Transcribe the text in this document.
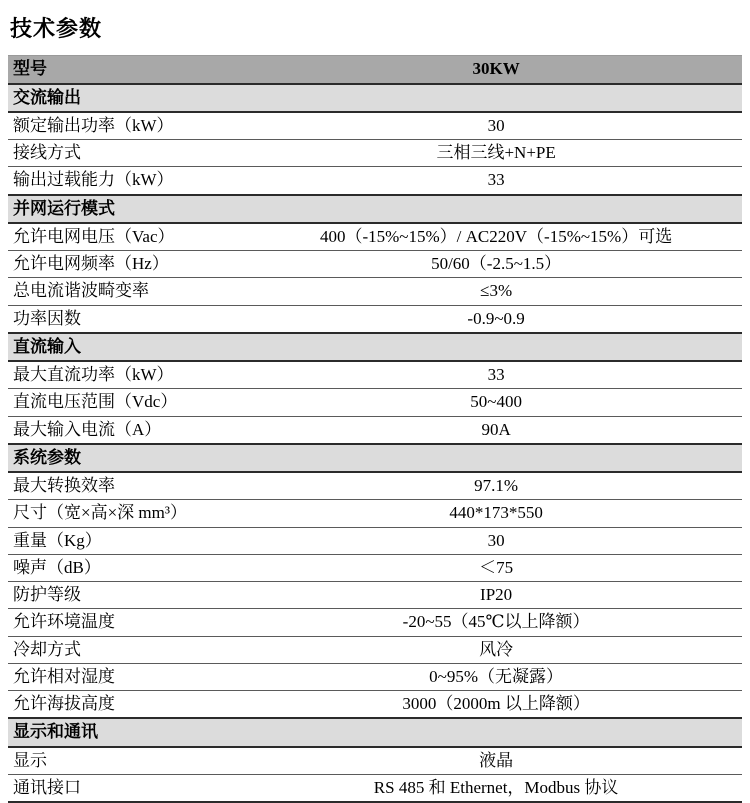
技术参数
型号	30KW
交流输出	
额定输出功率（kW）	30
接线方式	三相三线+N+PE
输出过载能力（kW）	33
并网运行模式	
允许电网电压（Vac）	400（-15%~15%）/ AC220V（-15%~15%）可选
允许电网频率（Hz）	50/60（-2.5~1.5）
总电流谐波畸变率	≤3%
功率因数	-0.9~0.9
直流输入	
最大直流功率（kW）	33
直流电压范围（Vdc）	50~400
最大输入电流（A）	90A
系统参数	
最大转换效率	97.1%
尺寸（宽×高×深 mm³）	440*173*550
重量（Kg）	30
噪声（dB）	＜75
防护等级	IP20
允许环境温度	-20~55（45℃以上降额）
冷却方式	风冷
允许相对湿度	0~95%（无凝露）
允许海拔高度	3000（2000m 以上降额）
显示和通讯	
显示	液晶
通讯接口	RS 485 和 Ethernet，Modbus 协议
